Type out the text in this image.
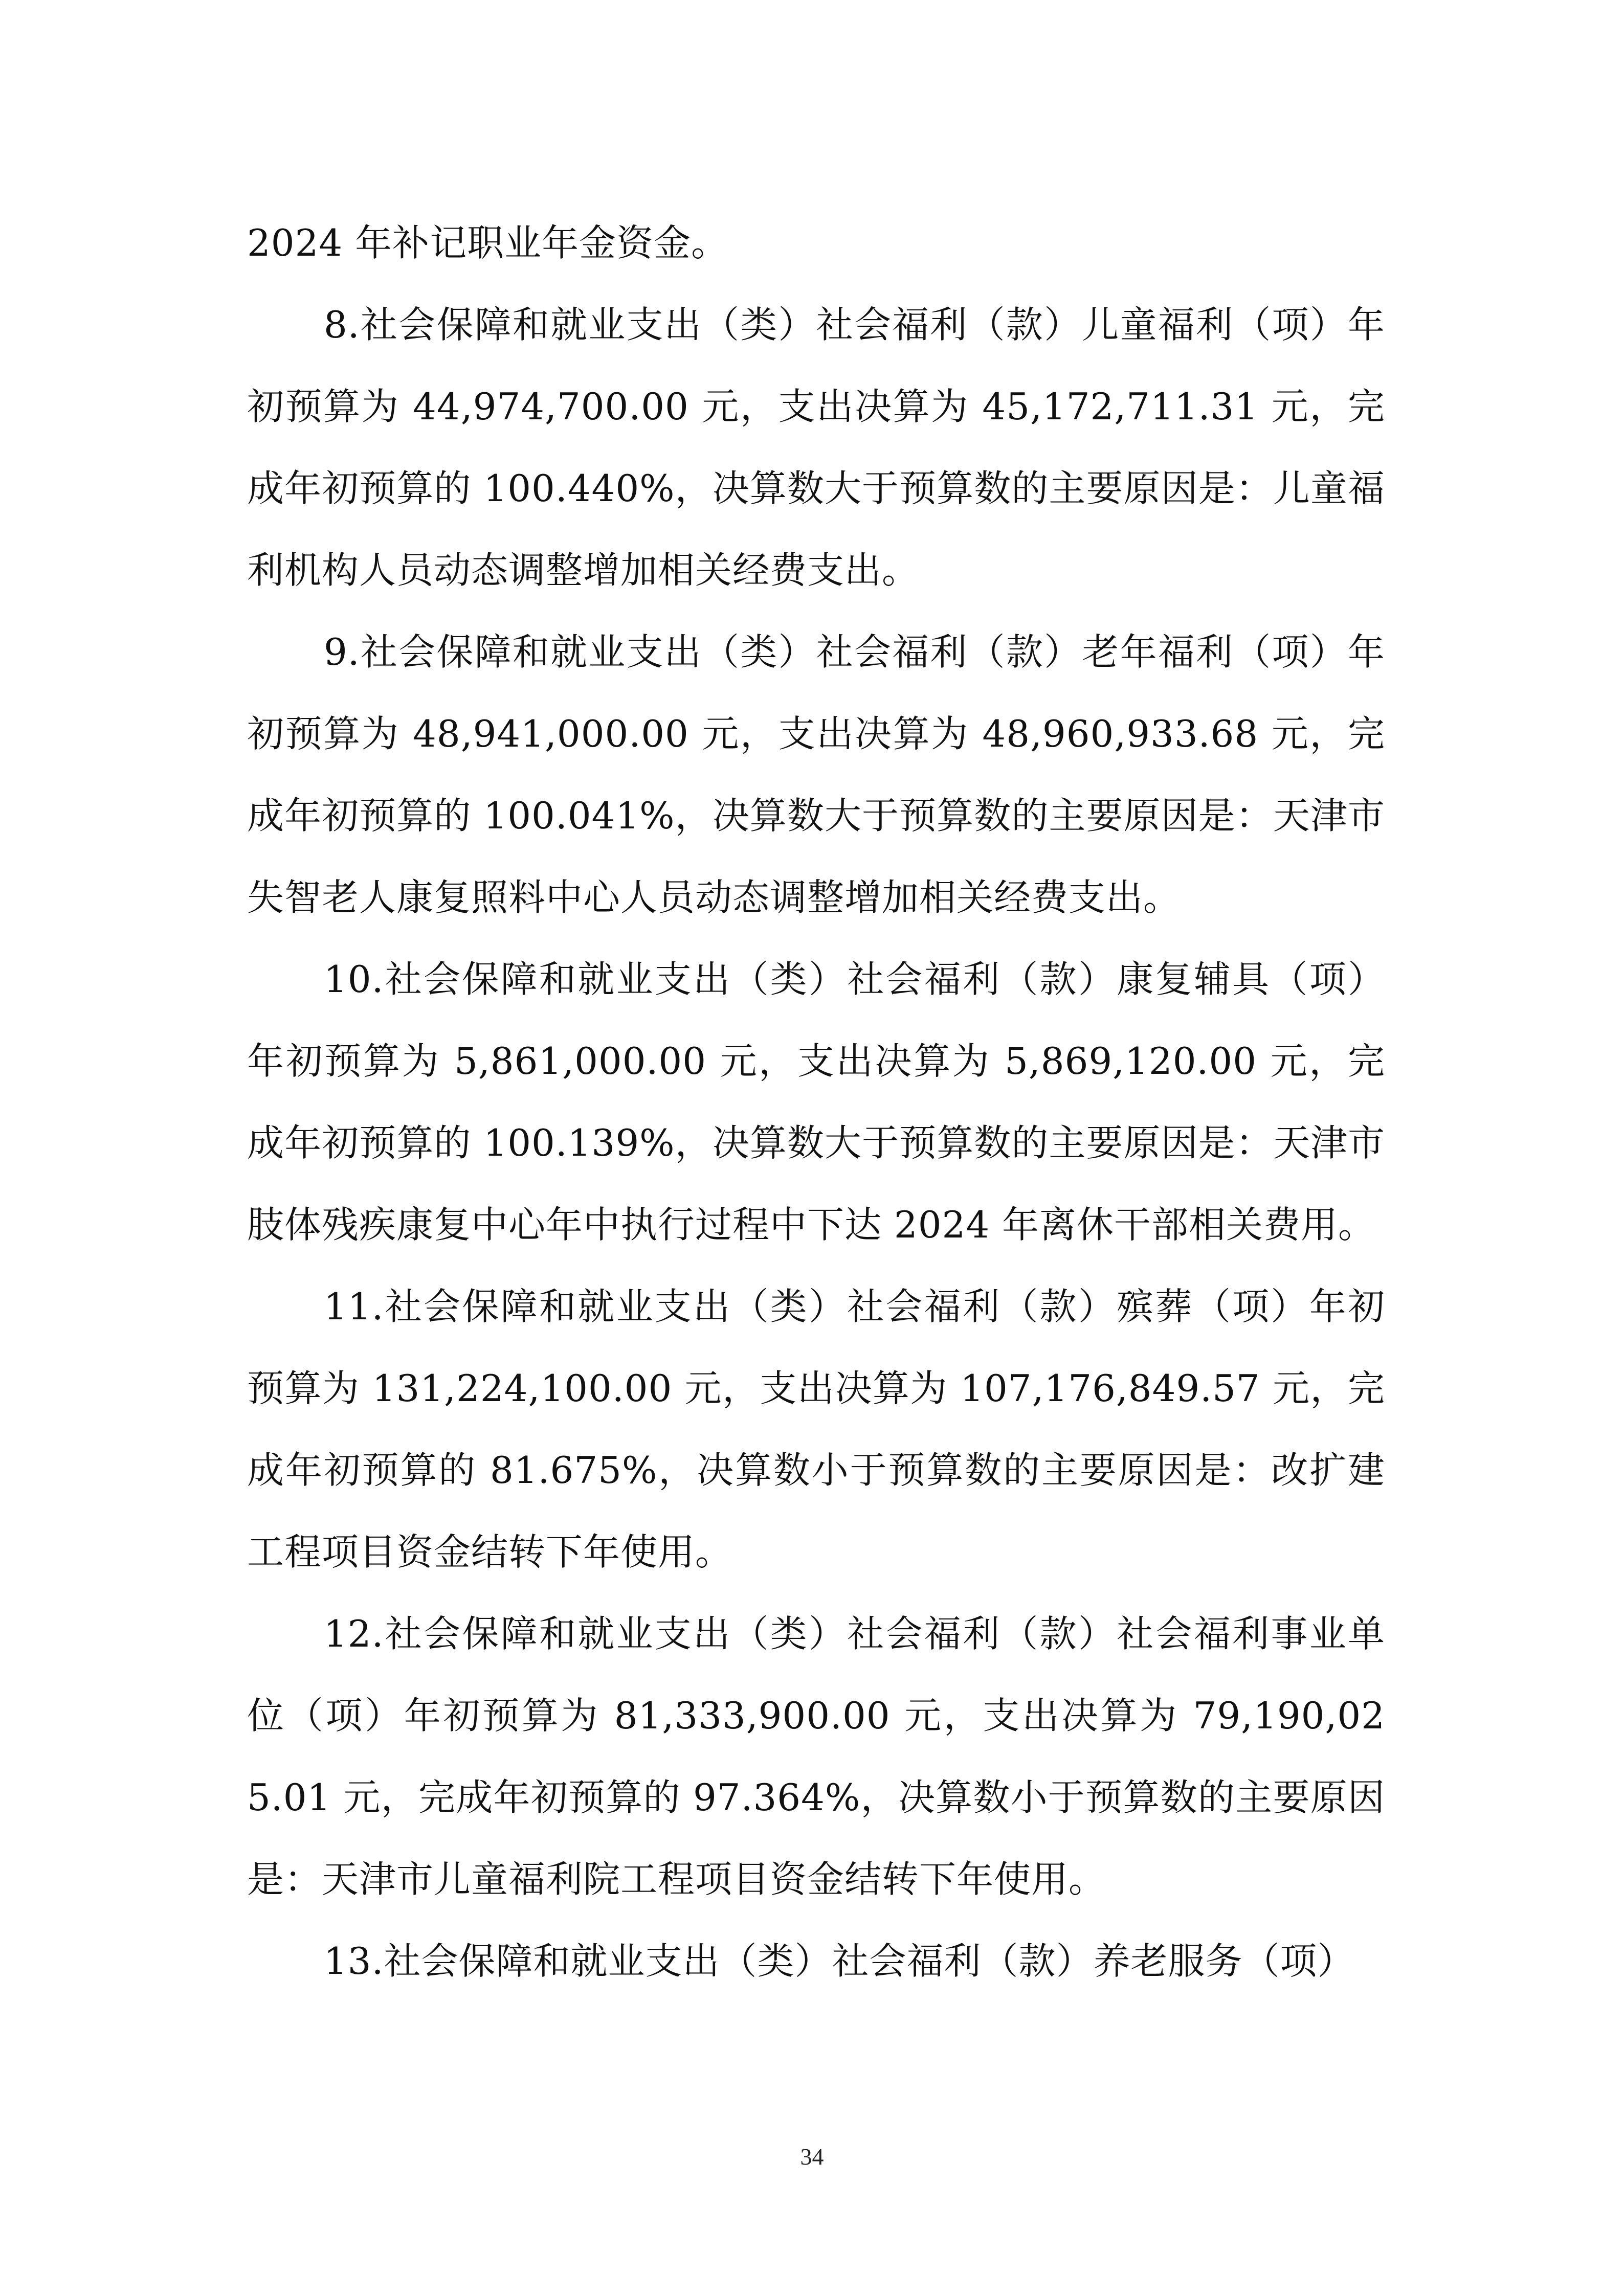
2024 年补记职业年金资金。

8.社会保障和就业支出（类）社会福利（款）儿童福利（项）年初预算为 44,974,700.00 元，支出决算为 45,172,711.31 元，完成年初预算的 100.440%，决算数大于预算数的主要原因是：儿童福利机构人员动态调整增加相关经费支出。

9.社会保障和就业支出（类）社会福利（款）老年福利（项）年初预算为 48,941,000.00 元，支出决算为 48,960,933.68 元，完成年初预算的 100.041%，决算数大于预算数的主要原因是：天津市失智老人康复照料中心人员动态调整增加相关经费支出。

10.社会保障和就业支出（类）社会福利（款）康复辅具（项）年初预算为 5,861,000.00 元，支出决算为 5,869,120.00 元，完成年初预算的 100.139%，决算数大于预算数的主要原因是：天津市肢体残疾康复中心年中执行过程中下达 2024 年离休干部相关费用。

11.社会保障和就业支出（类）社会福利（款）殡葬（项）年初预算为 131,224,100.00 元，支出决算为 107,176,849.57 元，完成年初预算的 81.675%，决算数小于预算数的主要原因是：改扩建工程项目资金结转下年使用。

12.社会保障和就业支出（类）社会福利（款）社会福利事业单位（项）年初预算为 81,333,900.00 元，支出决算为 79,190,025.01 元，完成年初预算的 97.364%，决算数小于预算数的主要原因是：天津市儿童福利院工程项目资金结转下年使用。

13.社会保障和就业支出（类）社会福利（款）养老服务（项）

34
